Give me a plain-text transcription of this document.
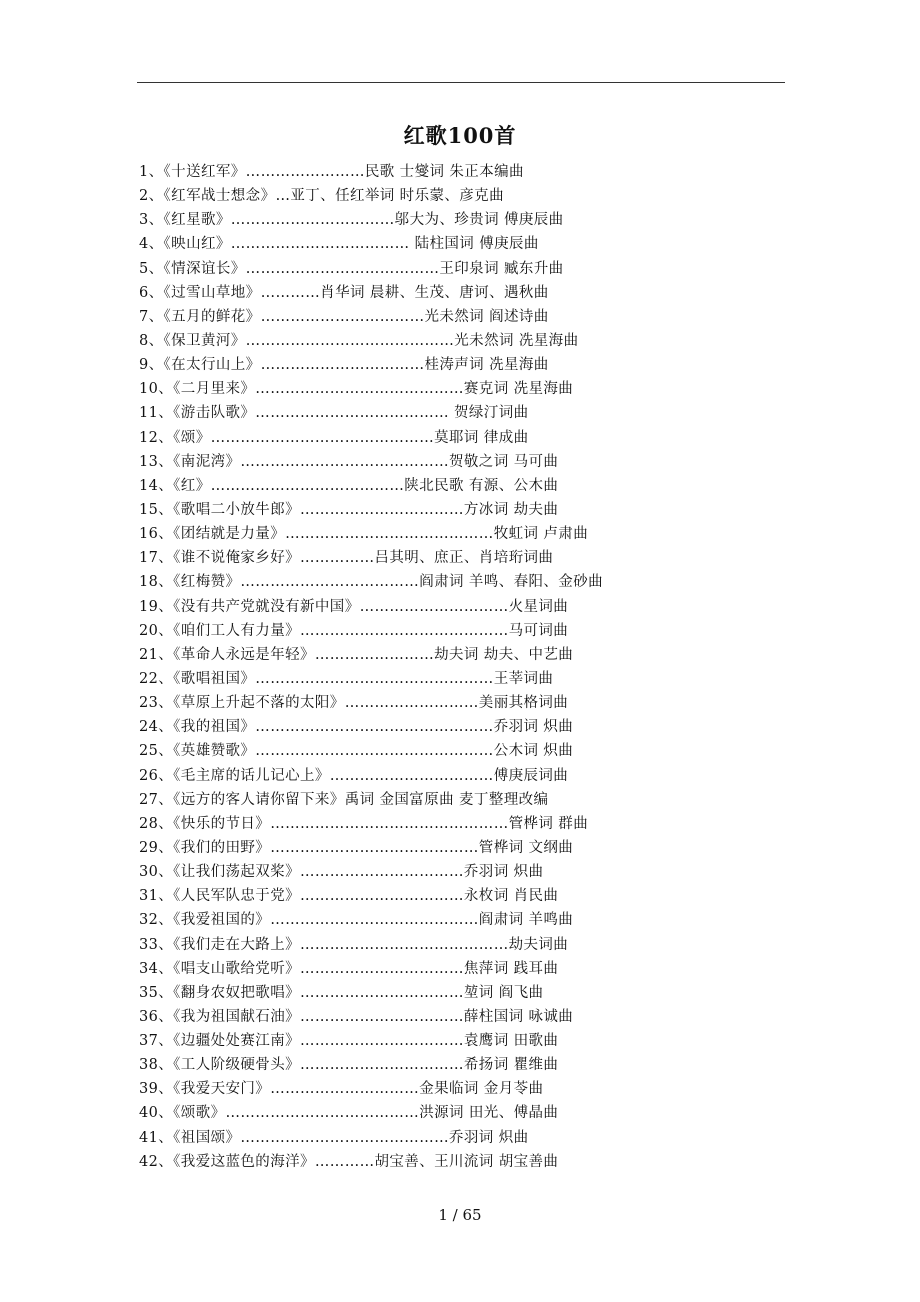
红歌100首
1、《十送红军》……………………民歌 士燮词 朱正本编曲
2、《红军战士想念》…亚丁、任红举词 时乐蒙、彦克曲
3、《红星歌》……………………………邬大为、珍贵词 傅庚辰曲
4、《映山红》……………………………… 陆柱国词 傅庚辰曲
5、《情深谊长》…………………………………王印泉词 臧东升曲
6、《过雪山草地》…………肖华词 晨耕、生茂、唐诃、遇秋曲
7、《五月的鲜花》……………………………光未然词 阎述诗曲
8、《保卫黄河》……………………………………光未然词 冼星海曲
9、《在太行山上》……………………………桂涛声词 冼星海曲
10、《二月里来》……………………………………赛克词 冼星海曲
11、《游击队歌》………………………………… 贺绿汀词曲
12、《颂》………………………………………莫耶词 律成曲
13、《南泥湾》……………………………………贺敬之词 马可曲
14、《红》…………………………………陕北民歌 有源、公木曲
15、《歌唱二小放牛郎》……………………………方冰词 劫夫曲
16、《团结就是力量》……………………………………牧虹词 卢肃曲
17、《谁不说俺家乡好》……………吕其明、庶正、肖培珩词曲
18、《红梅赞》………………………………阎肃词 羊鸣、春阳、金砂曲
19、《没有共产党就没有新中国》…………………………火星词曲
20、《咱们工人有力量》……………………………………马可词曲
21、《革命人永远是年轻》……………………劫夫词 劫夫、中艺曲
22、《歌唱祖国》…………………………………………王莘词曲
23、《草原上升起不落的太阳》………………………美丽其格词曲
24、《我的祖国》…………………………………………乔羽词 炽曲
25、《英雄赞歌》…………………………………………公木词 炽曲
26、《毛主席的话儿记心上》……………………………傅庚辰词曲
27、《远方的客人请你留下来》禹词 金国富原曲 麦丁整理改编
28、《快乐的节日》…………………………………………管桦词 群曲
29、《我们的田野》……………………………………管桦词 文纲曲
30、《让我们荡起双桨》……………………………乔羽词 炽曲
31、《人民军队忠于党》……………………………永枚词 肖民曲
32、《我爱祖国的》……………………………………阎肃词 羊鸣曲
33、《我们走在大路上》……………………………………劫夫词曲
34、《唱支山歌给党听》……………………………焦萍词 践耳曲
35、《翻身农奴把歌唱》……………………………堃词 阎飞曲
36、《我为祖国献石油》……………………………薛柱国词 咏诚曲
37、《边疆处处赛江南》……………………………袁鹰词 田歌曲
38、《工人阶级硬骨头》……………………………希扬词 瞿维曲
39、《我爱天安门》…………………………金果临词 金月苓曲
40、《颂歌》…………………………………洪源词 田光、傅晶曲
41、《祖国颂》……………………………………乔羽词 炽曲
42、《我爱这蓝色的海洋》…………胡宝善、王川流词 胡宝善曲
1 / 65
